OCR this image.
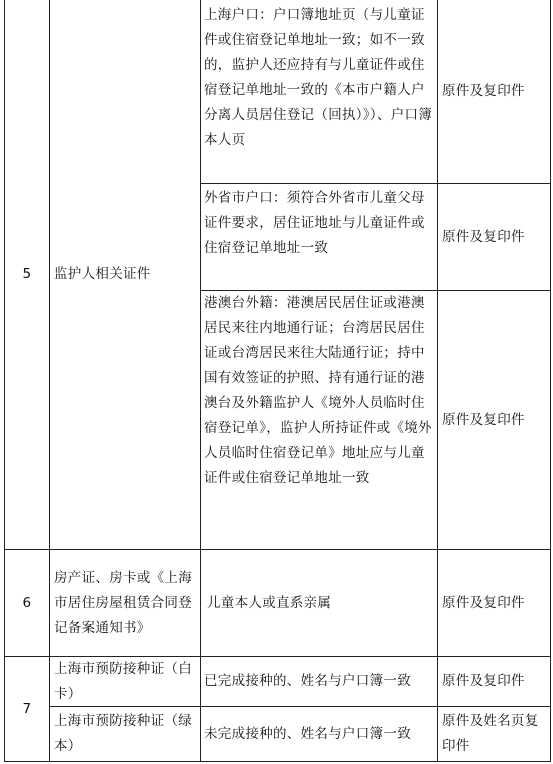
5 监护人相关证件
上海户口：户口簿地址页（与儿童证件或住宿登记单地址一致；如不一致的，监护人还应持有与儿童证件或住宿登记单地址一致的《本市户籍人户分离人员居住登记（回执）》）、户口簿本人页
原件及复印件
外省市户口：须符合外省市儿童父母证件要求，居住证地址与儿童证件或住宿登记单地址一致
原件及复印件
港澳台外籍：港澳居民居住证或港澳居民来往内地通行证；台湾居民居住证或台湾居民来往大陆通行证；持中国有效签证的护照、持有通行证的港澳台及外籍监护人《境外人员临时住宿登记单》，监护人所持证件或《境外人员临时住宿登记单》地址应与儿童证件或住宿登记单地址一致
原件及复印件
6
房产证、房卡或《上海市居住房屋租赁合同登记备案通知书》
儿童本人或直系亲属	原件及复印件
7
上海市预防接种证（白卡）
已完成接种的、姓名与户口簿一致 原件及复印件
上海市预防接种证（绿本）
未完成接种的、姓名与户口簿一致
原件及姓名页复印件
